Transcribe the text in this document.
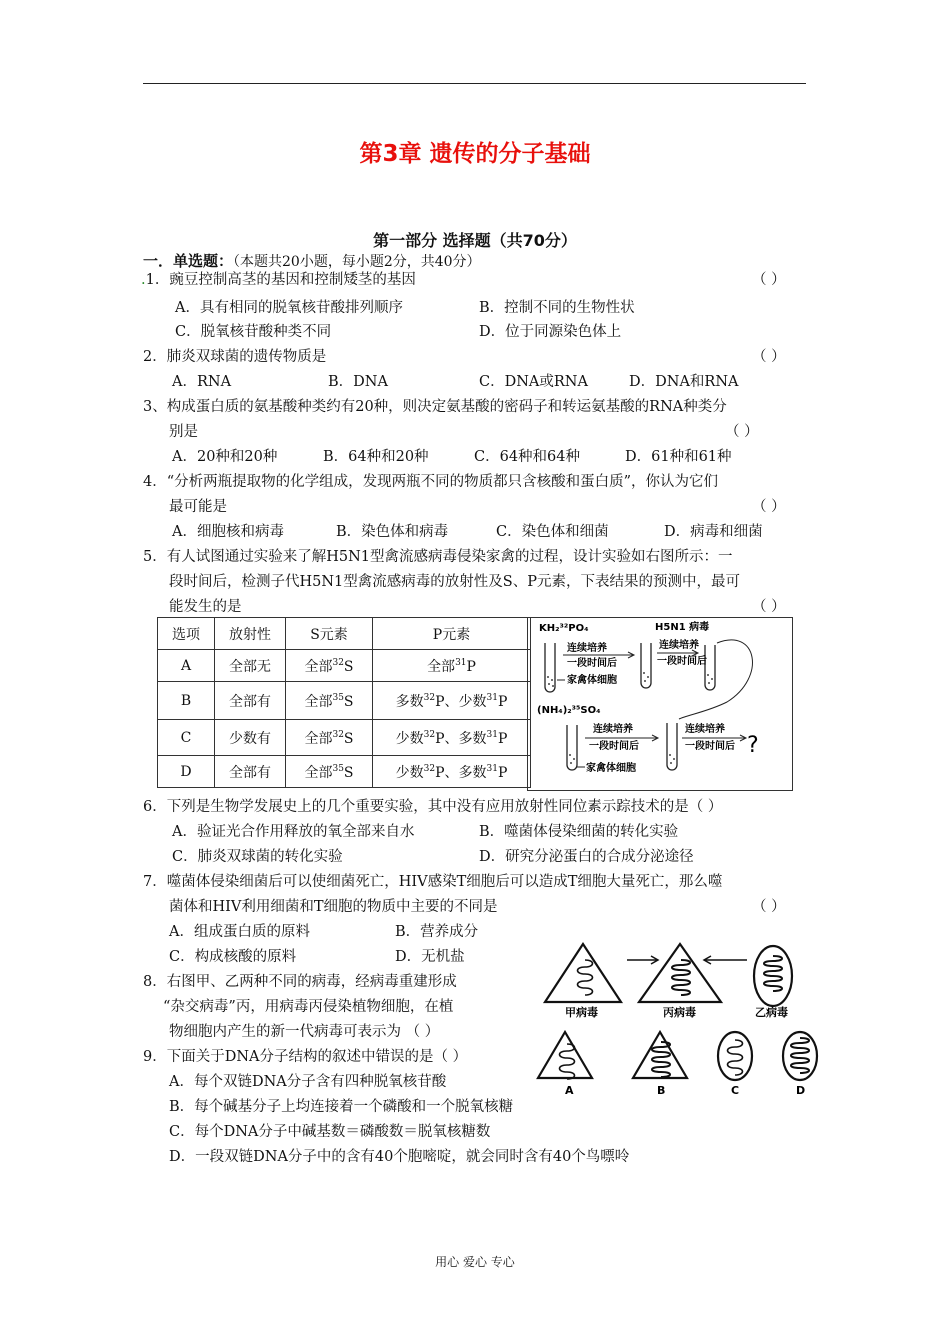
第3章 遗传的分子基础
第一部分 选择题（共70分）
一．单选题：（本题共20小题，每小题2分，共40分）
.1．豌豆控制高茎的基因和控制矮茎的基因	（ ）
A．具有相同的脱氧核苷酸排列顺序	B．控制不同的生物性状
C．脱氧核苷酸种类不同	D．位于同源染色体上
2．肺炎双球菌的遗传物质是	（ ）
A．RNA	B．DNA	C．DNA或RNA	D．DNA和RNA
3、构成蛋白质的氨基酸种类约有20种，则决定氨基酸的密码子和转运氨基酸的RNA种类分
别是	（ ）
A．20种和20种	B．64种和20种	C．64种和64种	D．61种和61种
4．“分析两瓶提取物的化学组成，发现两瓶不同的物质都只含核酸和蛋白质”，你认为它们
最可能是	（ ）
A．细胞核和病毒	B．染色体和病毒	C．染色体和细菌	D．病毒和细菌
5．有人试图通过实验来了解H5N1型禽流感病毒侵染家禽的过程，设计实验如右图所示：一
段时间后，检测子代H5N1型禽流感病毒的放射性及S、P元素，下表结果的预测中，最可
能发生的是	（ ）
选项	放射性	S元素	P元素
A	全部无	全部$^{32}$S	全部$^{31}$P
B	全部有	全部$^{35}$S	多数$^{32}$P、少数$^{31}$P
C	少数有	全部$^{32}$S	少数$^{32}$P、多数$^{31}$P
D	全部有	全部$^{35}$S	少数$^{32}$P、多数$^{31}$P
KH₂³²PO₄	H5N1 病毒
连续培养
一段时间后
连续培养
一段时间后
家禽体细胞
(NH₄)₂³⁵SO₄
连续培养
一段时间后
连续培养
一段时间后 ?
家禽体细胞
6．下列是生物学发展史上的几个重要实验，其中没有应用放射性同位素示踪技术的是（ ）
A．验证光合作用释放的氧全部来自水	B．噬菌体侵染细菌的转化实验
C．肺炎双球菌的转化实验	D．研究分泌蛋白的合成分泌途径
7．噬菌体侵染细菌后可以使细菌死亡，HIV感染T细胞后可以造成T细胞大量死亡，那么噬
菌体和HIV利用细菌和T细胞的物质中主要的不同是	（ ）
A．组成蛋白质的原料	B．营养成分
C．构成核酸的原料	D．无机盐
8．右图甲、乙两种不同的病毒，经病毒重建形成
“杂交病毒”丙，用病毒丙侵染植物细胞，在植
物细胞内产生的新一代病毒可表示为 （ ）
甲病毒	丙病毒	乙病毒
A	B	C	D
9．下面关于DNA分子结构的叙述中错误的是（ ）
A．每个双链DNA分子含有四种脱氧核苷酸
B．每个碱基分子上均连接着一个磷酸和一个脱氧核糖
C．每个DNA分子中碱基数＝磷酸数＝脱氧核糖数
D．一段双链DNA分子中的含有40个胞嘧啶，就会同时含有40个鸟嘌呤
用心 爱心 专心
